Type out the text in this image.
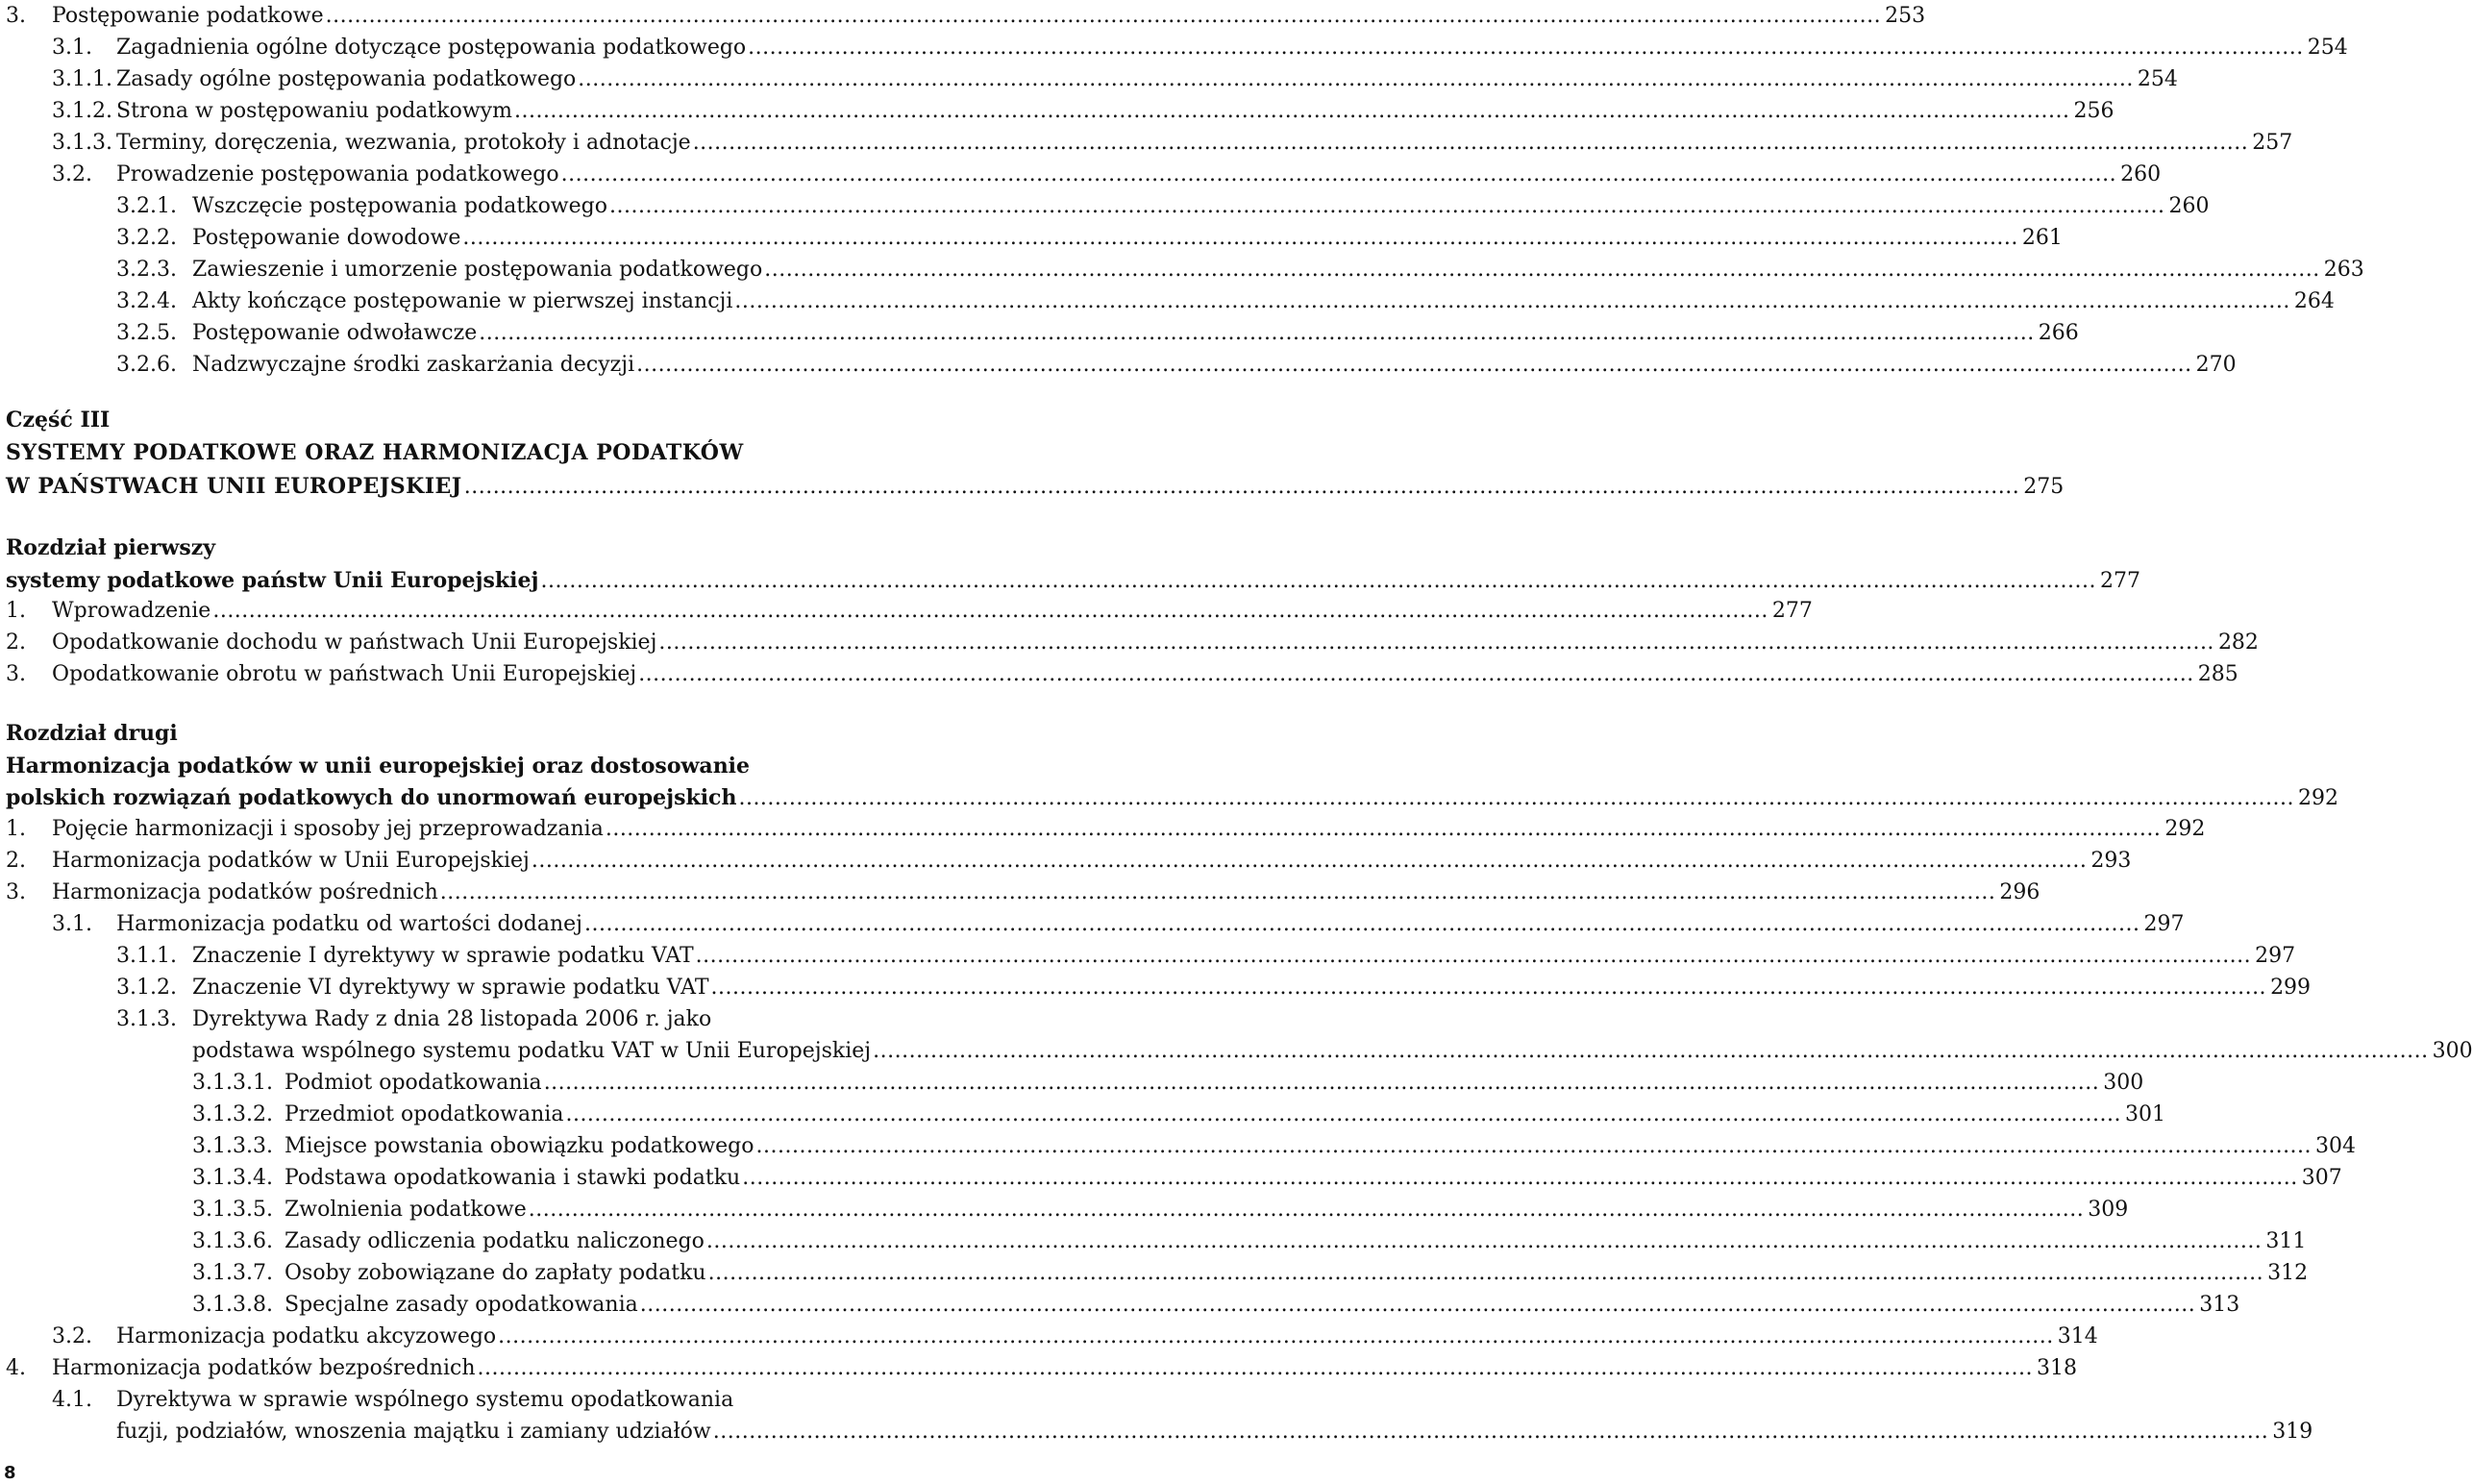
3. Postępowanie podatkowe .....	253
3.1. Zagadnienia ogólne dotyczące postępowania podatkowego .....	254
3.1.1. Zasady ogólne postępowania podatkowego .....	254
3.1.2. Strona w postępowaniu podatkowym .....	256
3.1.3. Terminy, doręczenia, wezwania, protokoły i adnotacje .....	257
3.2. Prowadzenie postępowania podatkowego .....	260
3.2.1. Wszczęcie postępowania podatkowego .....	260
3.2.2. Postępowanie dowodowe .....	261
3.2.3. Zawieszenie i umorzenie postępowania podatkowego .....	263
3.2.4. Akty kończące postępowanie w pierwszej instancji .....	264
3.2.5. Postępowanie odwoławcze .....	266
3.2.6. Nadzwyczajne środki zaskarżania decyzji .....	270
Część III
SYSTEMY PODATKOWE ORAZ HARMONIZACJA PODATKÓW
W PAŃSTWACH UNII EUROPEJSKIEJ .....	275
Rozdział pierwszy
systemy podatkowe państw Unii Europejskiej .....	277
1. Wprowadzenie .....	277
2. Opodatkowanie dochodu w państwach Unii Europejskiej .....	282
3. Opodatkowanie obrotu w państwach Unii Europejskiej .....	285
Rozdział drugi
Harmonizacja podatków w unii europejskiej oraz dostosowanie
polskich rozwiązań podatkowych do unormowań europejskich .....	292
1. Pojęcie harmonizacji i sposoby jej przeprowadzania .....	292
2. Harmonizacja podatków w Unii Europejskiej .....	293
3. Harmonizacja podatków pośrednich .....	296
3.1. Harmonizacja podatku od wartości dodanej .....	297
3.1.1. Znaczenie I dyrektywy w sprawie podatku VAT .....	297
3.1.2. Znaczenie VI dyrektywy w sprawie podatku VAT .....	299
3.1.3. Dyrektywa Rady z dnia 28 listopada 2006 r. jako
podstawa wspólnego systemu podatku VAT w Unii Europejskiej .....	300
3.1.3.1. Podmiot opodatkowania .....	300
3.1.3.2. Przedmiot opodatkowania .....	301
3.1.3.3. Miejsce powstania obowiązku podatkowego .....	304
3.1.3.4. Podstawa opodatkowania i stawki podatku .....	307
3.1.3.5. Zwolnienia podatkowe .....	309
3.1.3.6. Zasady odliczenia podatku naliczonego .....	311
3.1.3.7. Osoby zobowiązane do zapłaty podatku .....	312
3.1.3.8. Specjalne zasady opodatkowania .....	313
3.2. Harmonizacja podatku akcyzowego .....	314
4. Harmonizacja podatków bezpośrednich .....	318
4.1. Dyrektywa w sprawie wspólnego systemu opodatkowania
fuzji, podziałów, wnoszenia majątku i zamiany udziałów .....	319
8
